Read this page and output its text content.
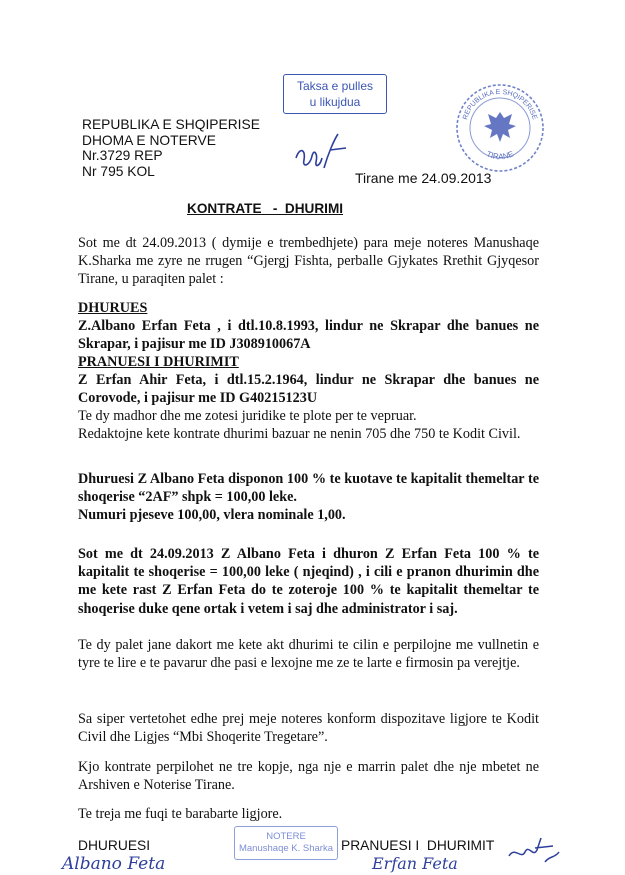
Taksa e pulles
u likujdua
REPUBLIKA E SHQIPERISE
TIRANE
REPUBLIKA E SHQIPERISE
DHOMA E NOTERVE
Nr.3729 REP
Nr 795 KOL	Tirane me 24.09.2013
KONTRATE   -  DHURIMI

Sot me dt 24.09.2013 ( dymije e trembedhjete) para meje noteres Manushaqe K.Sharka me zyre ne rrugen “Gjergj Fishta, perballe Gjykates Rrethit Gjyqesor Tirane, u paraqiten palet :

DHURUES

Z.Albano Erfan Feta , i dtl.10.8.1993, lindur ne Skrapar dhe banues ne Skrapar, i pajisur me ID J308910067A

PRANUESI I DHURIMIT

Z Erfan Ahir Feta, i dtl.15.2.1964, lindur ne Skrapar dhe banues ne Corovode, i pajisur me ID G40215123U

Te dy madhor dhe me zotesi juridike te plote per te vepruar.

Redaktojne kete kontrate dhurimi bazuar ne nenin 705 dhe 750 te Kodit Civil.

Dhuruesi Z Albano Feta disponon 100 % te kuotave te kapitalit themeltar te shoqerise “2AF” shpk = 100,00 leke.

Numuri pjeseve 100,00, vlera nominale 1,00.

Sot me dt 24.09.2013 Z Albano Feta i dhuron Z Erfan Feta 100 % te kapitalit te shoqerise = 100,00 leke ( njeqind) , i cili e pranon dhurimin dhe me kete rast Z Erfan Feta do te zoteroje 100 % te kapitalit themeltar te shoqerise duke qene ortak i vetem i saj dhe administrator i saj.

Te dy palet jane dakort me kete akt dhurimi te cilin e perpilojne me vullnetin e tyre te lire e te pavarur dhe pasi e lexojne me ze te larte e firmosin pa verejtje.

Sa siper vertetohet edhe prej meje noteres konform dispozitave ligjore te Kodit Civil dhe Ligjes “Mbi Shoqerite Tregetare”.

Kjo kontrate perpilohet ne tre kopje, nga nje e marrin palet dhe nje mbetet ne Arshiven e Noterise Tirane.

Te treja me fuqi te barabarte ligjore.

DHURUESI
Albano Feta
NOTERE
Manushaqe K. Sharka PRANUESI I  DHURIMIT
Erfan Feta
